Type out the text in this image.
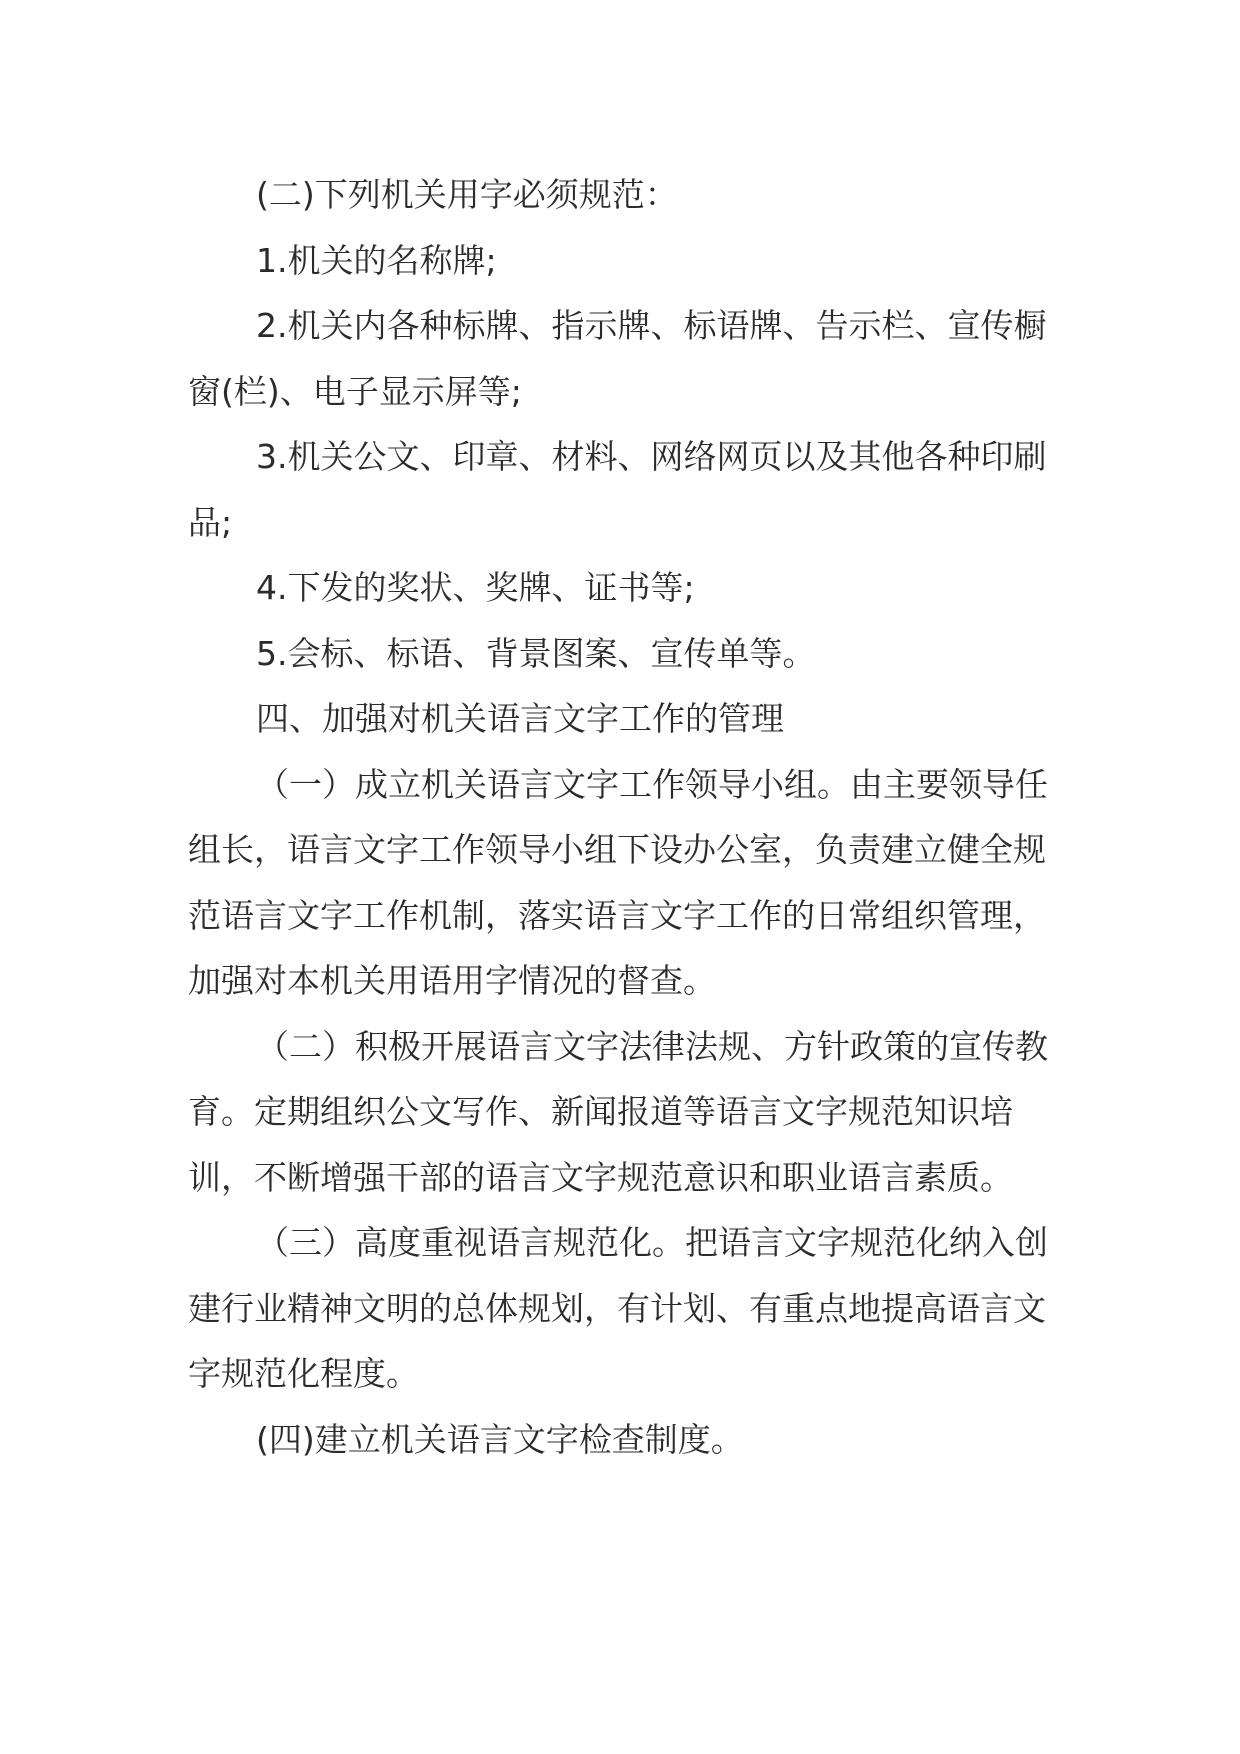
(二)下列机关用字必须规范：

1.机关的名称牌;

2.机关内各种标牌、指示牌、标语牌、告示栏、宣传橱窗(栏)、电子显示屏等;

3.机关公文、印章、材料、网络网页以及其他各种印刷品;

4.下发的奖状、奖牌、证书等;

5.会标、标语、背景图案、宣传单等。

四、加强对机关语言文字工作的管理

（一）成立机关语言文字工作领导小组。由主要领导任组长，语言文字工作领导小组下设办公室，负责建立健全规范语言文字工作机制，落实语言文字工作的日常组织管理，加强对本机关用语用字情况的督查。

（二）积极开展语言文字法律法规、方针政策的宣传教育。定期组织公文写作、新闻报道等语言文字规范知识培训，不断增强干部的语言文字规范意识和职业语言素质。

（三）高度重视语言规范化。把语言文字规范化纳入创建行业精神文明的总体规划，有计划、有重点地提高语言文字规范化程度。

(四)建立机关语言文字检查制度。
